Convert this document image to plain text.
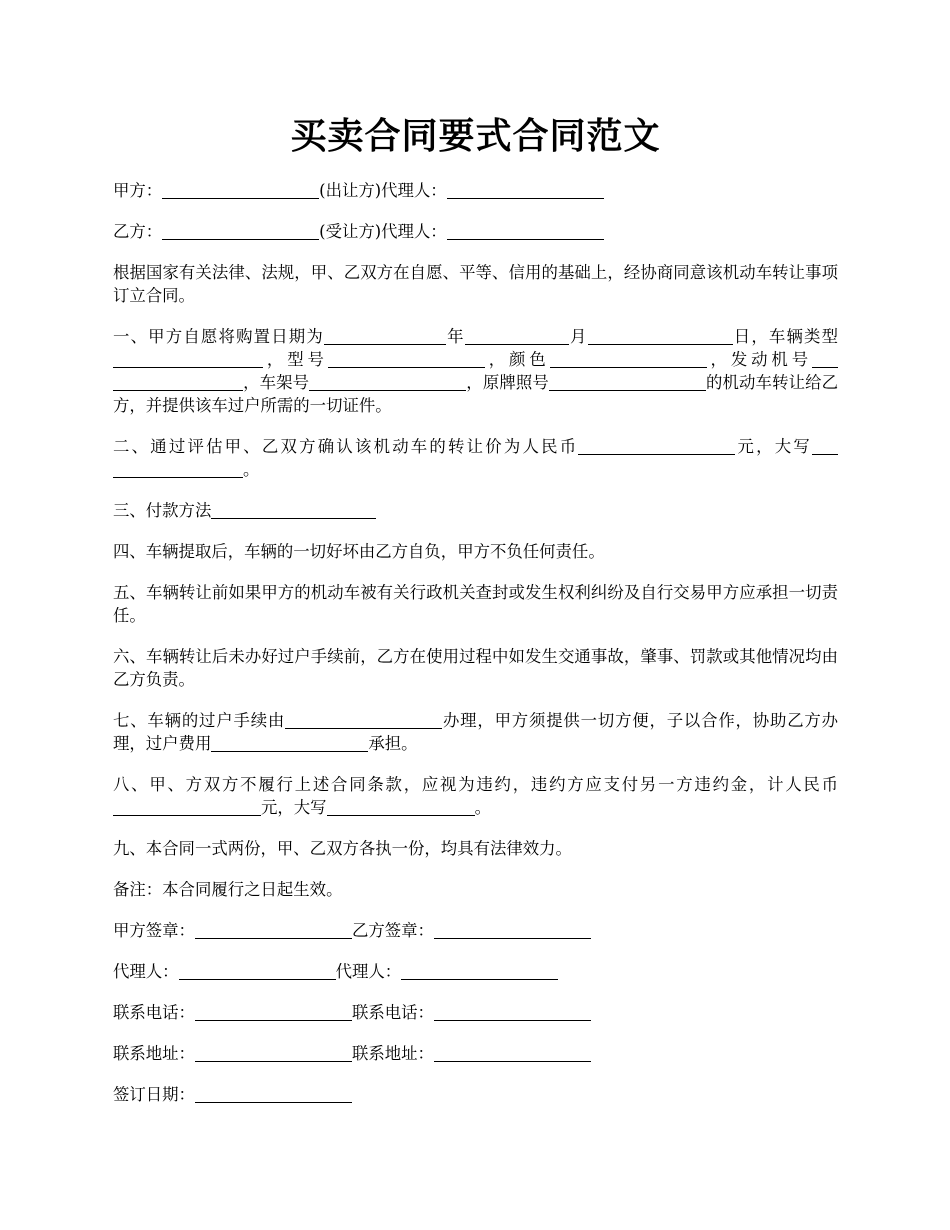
买卖合同要式合同范文

甲方：	(出让方)代理人：

乙方：	(受让方)代理人：

根据国家有关法律、法规，甲、乙双方在自愿、平等、信用的基础上，经协商同意该机动车转让事项订立合同。

一、甲方自愿将购置日期为	年	月	日，车辆类型，型号	，颜色	，发动机号，车架号	，原牌照号	的机动车转让给乙方，并提供该车过户所需的一切证件。

二、通过评估甲、乙双方确认该机动车的转让价为人民币	元，大写。

三、付款方法

四、车辆提取后，车辆的一切好坏由乙方自负，甲方不负任何责任。

五、车辆转让前如果甲方的机动车被有关行政机关查封或发生权利纠纷及自行交易甲方应承担一切责任。

六、车辆转让后未办好过户手续前，乙方在使用过程中如发生交通事故，肇事、罚款或其他情况均由乙方负责。

七、车辆的过户手续由	办理，甲方须提供一切方便，子以合作，协助乙方办理，过户费用	承担。

八、甲、方双方不履行上述合同条款，应视为违约，违约方应支付另一方违约金，计人民币元，大写	。

九、本合同一式两份，甲、乙双方各执一份，均具有法律效力。

备注：本合同履行之日起生效。

甲方签章：	乙方签章：

代理人：	代理人：

联系电话：	联系电话：

联系地址：	联系地址：

签订日期：
